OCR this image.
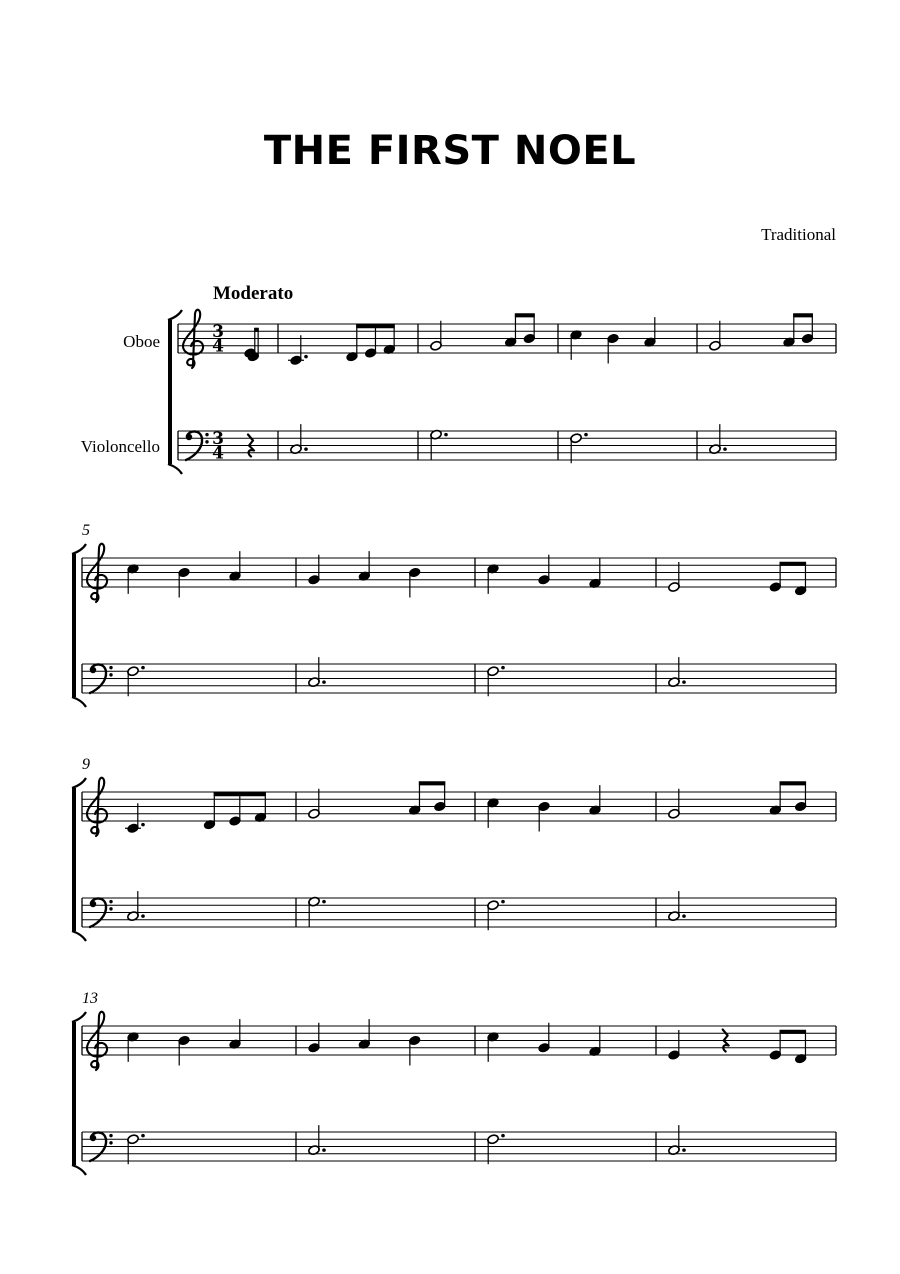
THE FIRST NOEL
Traditional
Moderato
Oboe
Violoncello
5
9
13
3
4
3
4
